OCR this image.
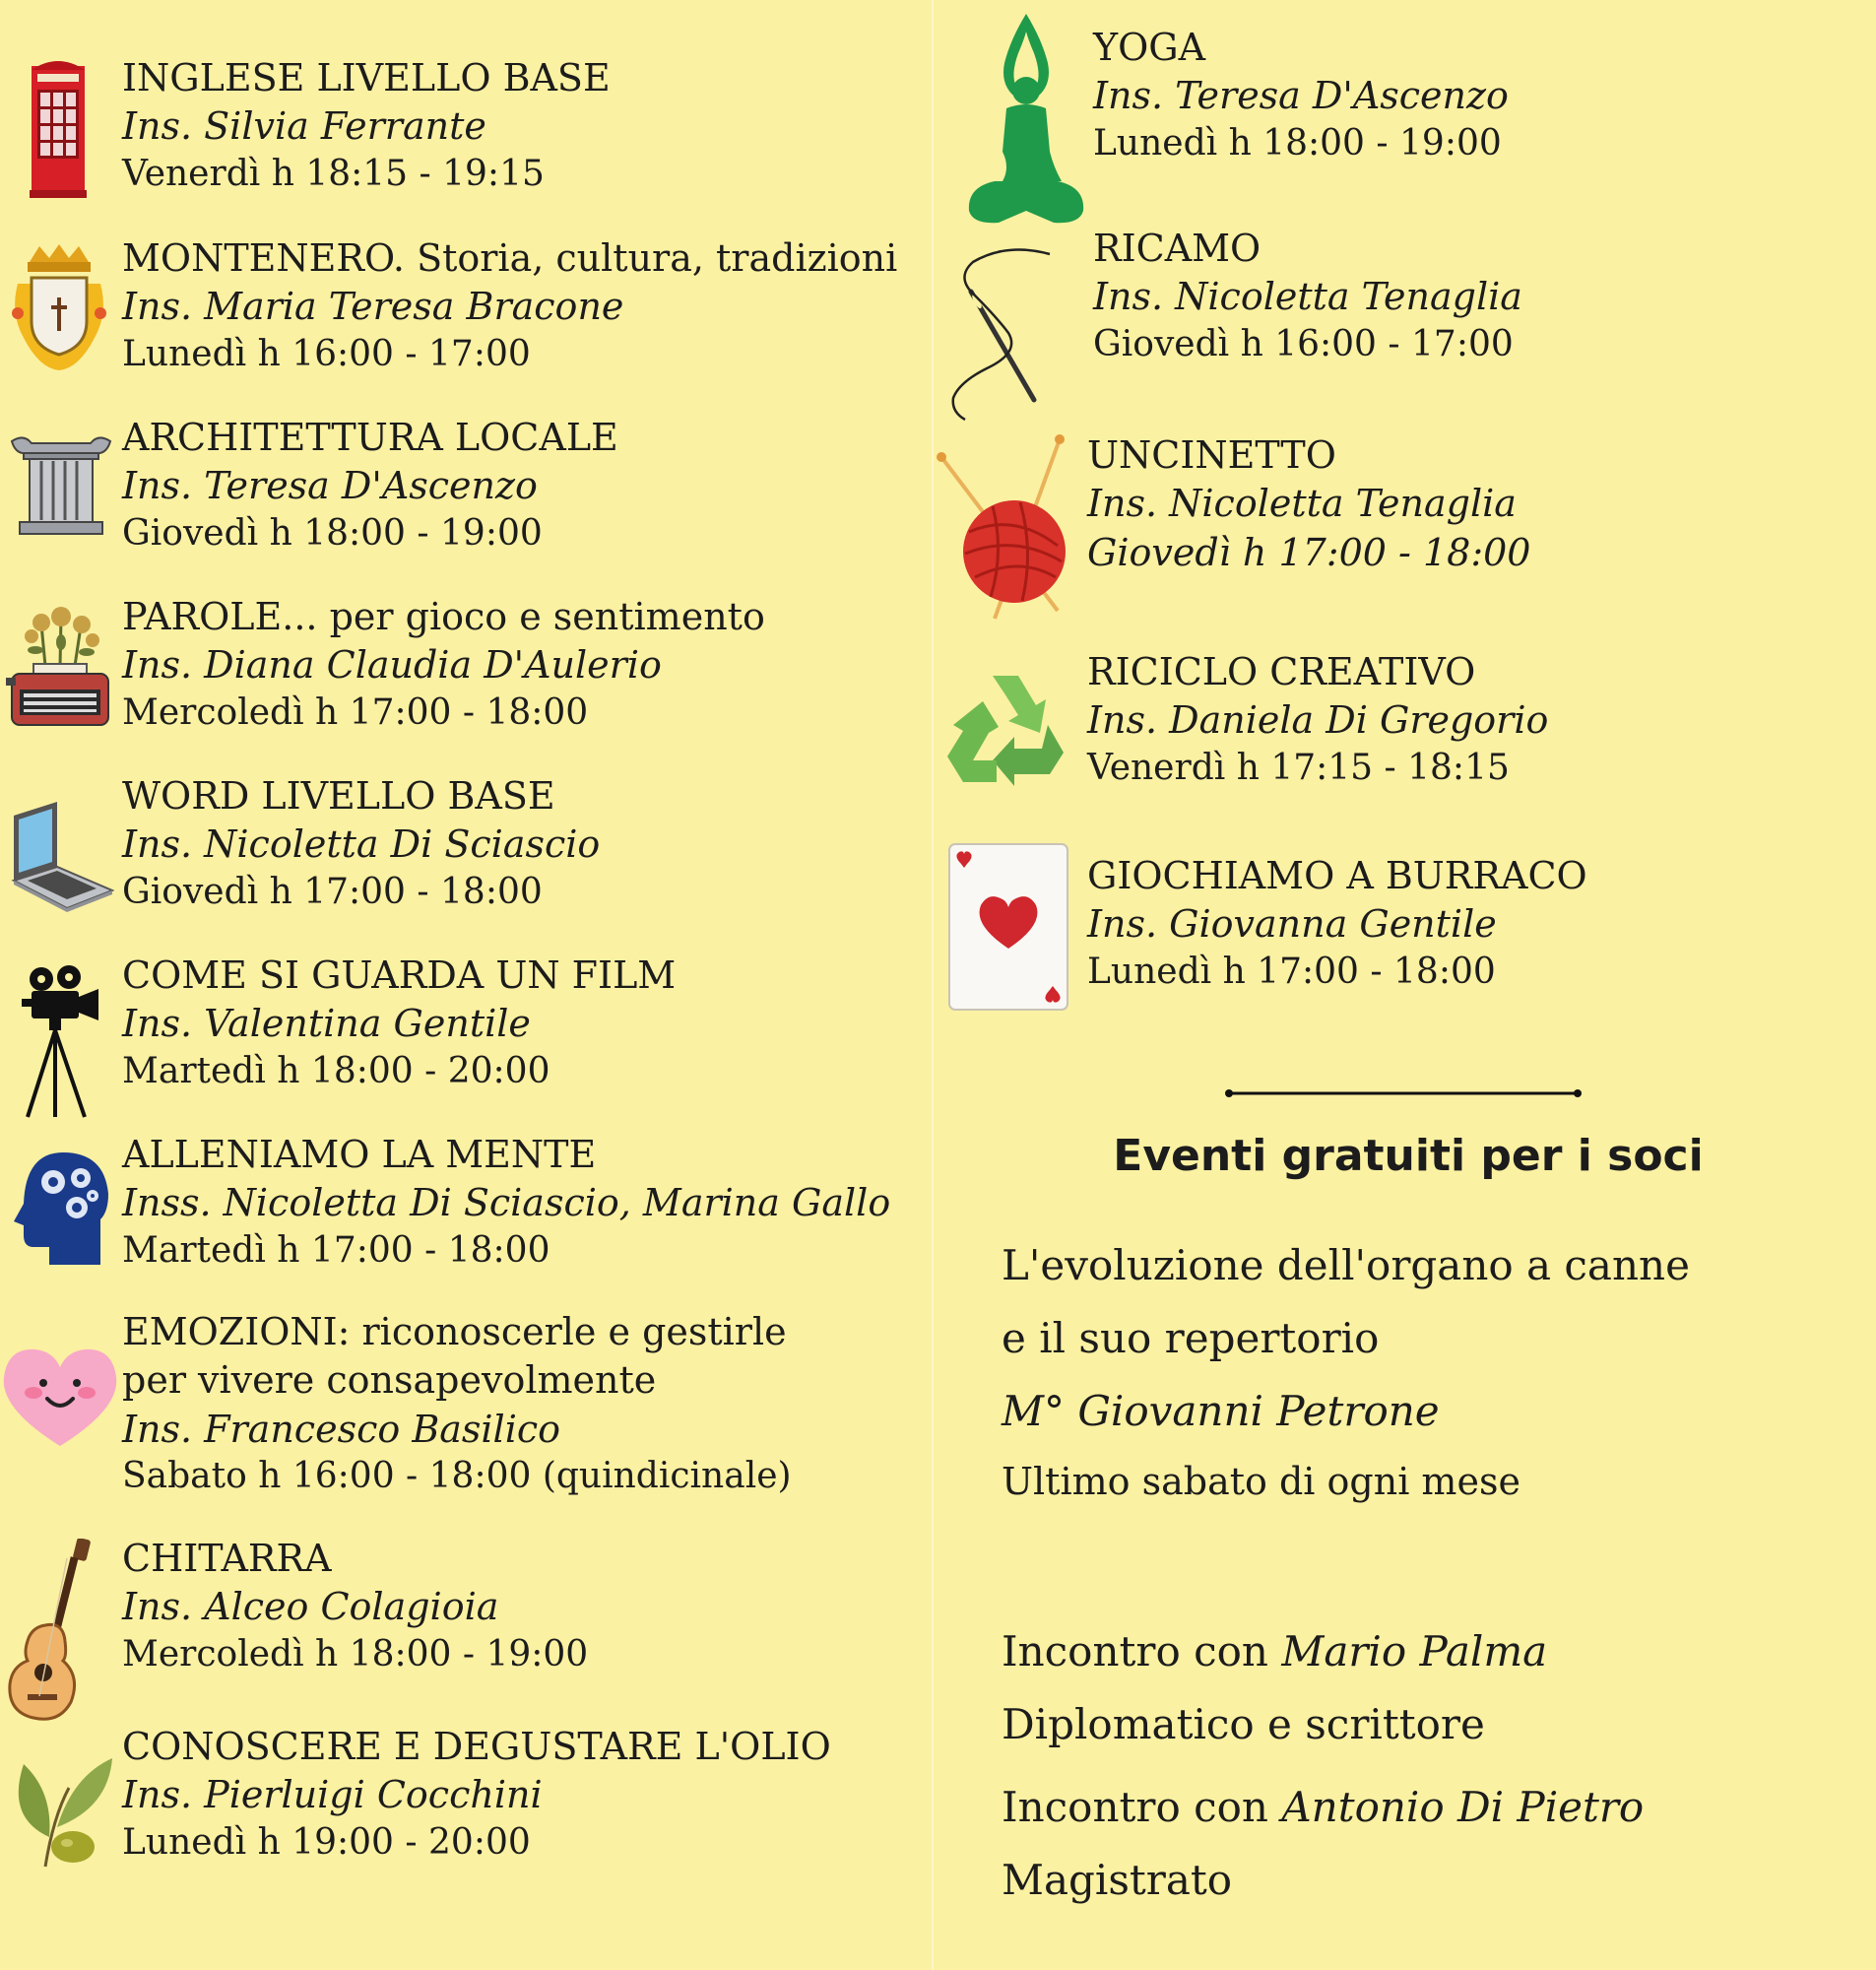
INGLESE LIVELLO BASE
Ins. Silvia Ferrante
Venerdì h 18:15 - 19:15
MONTENERO. Storia, cultura, tradizioni
Ins. Maria Teresa Bracone
Lunedì h 16:00 - 17:00
ARCHITETTURA LOCALE
Ins. Teresa D'Ascenzo
Giovedì h 18:00 - 19:00
PAROLE... per gioco e sentimento
Ins. Diana Claudia D'Aulerio
Mercoledì h 17:00 - 18:00
WORD LIVELLO BASE
Ins. Nicoletta Di Sciascio
Giovedì h 17:00 - 18:00
COME SI GUARDA UN FILM
Ins. Valentina Gentile
Martedì h 18:00 - 20:00
ALLENIAMO LA MENTE
Inss. Nicoletta Di Sciascio, Marina Gallo
Martedì h 17:00 - 18:00
EMOZIONI: riconoscerle e gestirle
per vivere consapevolmente
Ins. Francesco Basilico
Sabato h 16:00 - 18:00 (quindicinale)
CHITARRA
Ins. Alceo Colagioia
Mercoledì h 18:00 - 19:00
CONOSCERE E DEGUSTARE L'OLIO
Ins. Pierluigi Cocchini
Lunedì h 19:00 - 20:00
YOGA
Ins. Teresa D'Ascenzo
Lunedì h 18:00 - 19:00
RICAMO
Ins. Nicoletta Tenaglia
Giovedì h 16:00 - 17:00
UNCINETTO
Ins. Nicoletta Tenaglia
Giovedì h 17:00 - 18:00
RICICLO CREATIVO
Ins. Daniela Di Gregorio
Venerdì h 17:15 - 18:15
GIOCHIAMO A BURRACO
Ins. Giovanna Gentile
Lunedì h 17:00 - 18:00
Eventi gratuiti per i soci
L'evoluzione dell'organo a canne
e il suo repertorio
M° Giovanni Petrone
Ultimo sabato di ogni mese
Incontro con Mario Palma
Diplomatico e scrittore
Incontro con Antonio Di Pietro
Magistrato
